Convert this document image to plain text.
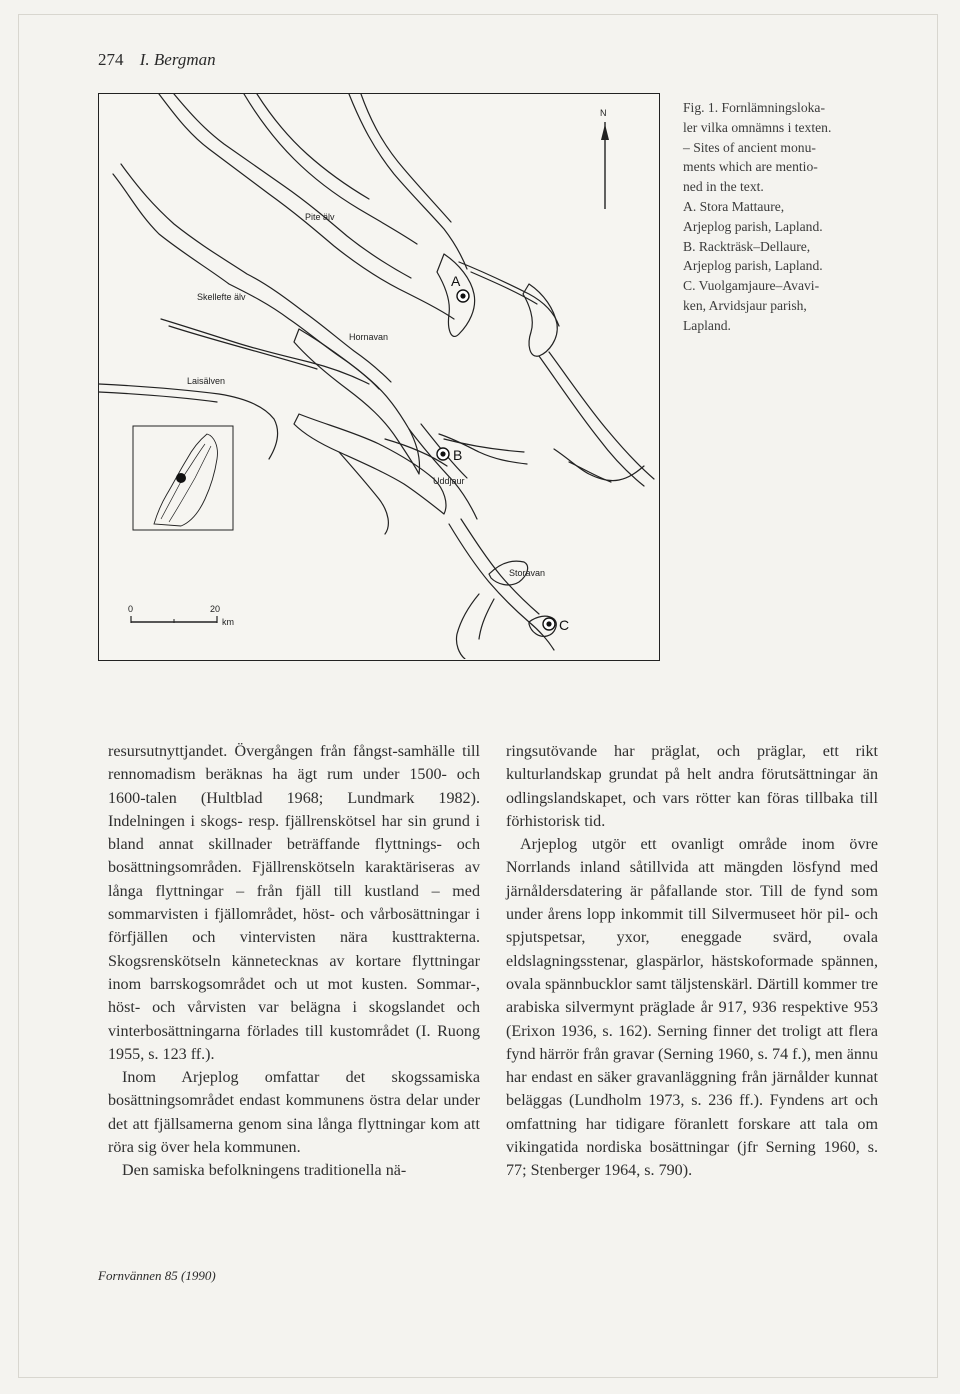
274 I. Bergman
N
A
B
C
Skellefte älv
Pite älv
Laisälven
Hornavan
Uddjaur
Storavan
0	20
km

Fig. 1. Fornlämningsloka-

ler vilka omnämns i texten.

– Sites of ancient monu-

ments which are mentio-

ned in the text.

A. Stora Mattaure,

Arjeplog parish, Lapland.

B. Rackträsk–Dellaure,

Arjeplog parish, Lapland.

C. Vuolgamjaure–Avavi-

ken, Arvidsjaur parish,

Lapland.

resursutnyttjandet. Övergången från fångst-samhälle till rennomadism beräknas ha ägt rum under 1500- och 1600-talen (Hultblad 1968; Lundmark 1982). Indelningen i skogs- resp. fjällrenskötsel har sin grund i bland annat skillnader beträffande flyttnings- och bosättningsområden. Fjällrenskötseln karaktäriseras av långa flyttningar – från fjäll till kustland – med sommarvisten i fjällområdet, höst- och vårbosättningar i förfjällen och vintervisten nära kusttrakterna. Skogsrenskötseln kännetecknas av kortare flyttningar inom barrskogsområdet och ut mot kusten. Sommar-, höst- och vårvisten var belägna i skogslandet och vinterbosättningarna förlades till kustområdet (I. Ruong 1955, s. 123 ff.).

Inom Arjeplog omfattar det skogssamiska bosättningsområdet endast kommunens östra delar under det att fjällsamerna genom sina långa flyttningar kom att röra sig över hela kommunen.

Den samiska befolkningens traditionella nä-

ringsutövande har präglat, och präglar, ett rikt kulturlandskap grundat på helt andra förutsättningar än odlingslandskapet, och vars rötter kan föras tillbaka till förhistorisk tid.

Arjeplog utgör ett ovanligt område inom övre Norrlands inland såtillvida att mängden lösfynd med järnåldersdatering är påfallande stor. Till de fynd som under årens lopp inkommit till Silvermuseet hör pil- och spjutspetsar, yxor, eneggade svärd, ovala eldslagningsstenar, glaspärlor, hästskoformade spännen, ovala spännbucklor samt täljstenskärl. Därtill kommer tre arabiska silvermynt präglade år 917, 936 respektive 953 (Erixon 1936, s. 162). Serning finner det troligt att flera fynd härrör från gravar (Serning 1960, s. 74 f.), men ännu har endast en säker gravanläggning från järnålder kunnat beläggas (Lundholm 1973, s. 236 ff.). Fyndens art och omfattning har tidigare föranlett forskare att tala om vikingatida nordiska bosättningar (jfr Serning 1960, s. 77; Stenberger 1964, s. 790).

Fornvännen 85 (1990)
